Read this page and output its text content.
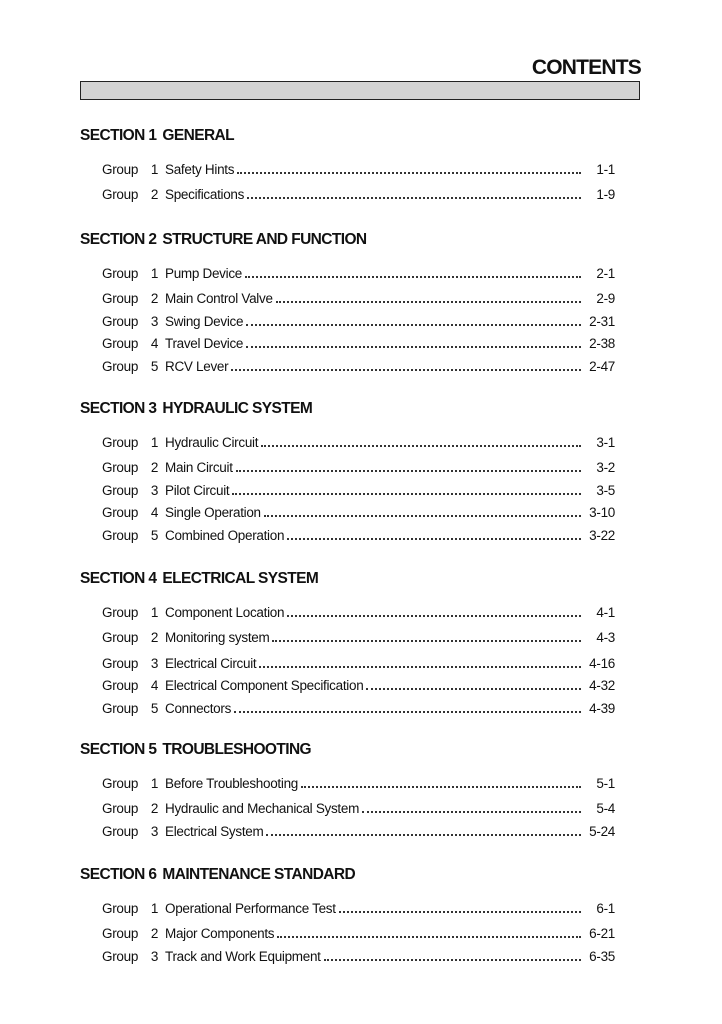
CONTENTS
SECTION 1 GENERAL
Group 1 Safety Hints	1-1
Group 2 Specifications	1-9
SECTION 2 STRUCTURE AND FUNCTION
Group 1 Pump Device	2-1
Group 2 Main Control Valve	2-9
Group 3 Swing Device	2-31
Group 4 Travel Device	2-38
Group 5 RCV Lever	2-47
SECTION 3 HYDRAULIC SYSTEM
Group 1 Hydraulic Circuit	3-1
Group 2 Main Circuit	3-2
Group 3 Pilot Circuit	3-5
Group 4 Single Operation	3-10
Group 5 Combined Operation	3-22
SECTION 4 ELECTRICAL SYSTEM
Group 1 Component Location	4-1
Group 2 Monitoring system	4-3
Group 3 Electrical Circuit	4-16
Group 4 Electrical Component Specification	4-32
Group 5 Connectors	4-39
SECTION 5 TROUBLESHOOTING
Group 1 Before Troubleshooting	5-1
Group 2 Hydraulic and Mechanical System	5-4
Group 3 Electrical System	5-24
SECTION 6 MAINTENANCE STANDARD
Group 1 Operational Performance Test	6-1
Group 2 Major Components	6-21
Group 3 Track and Work Equipment	6-35
